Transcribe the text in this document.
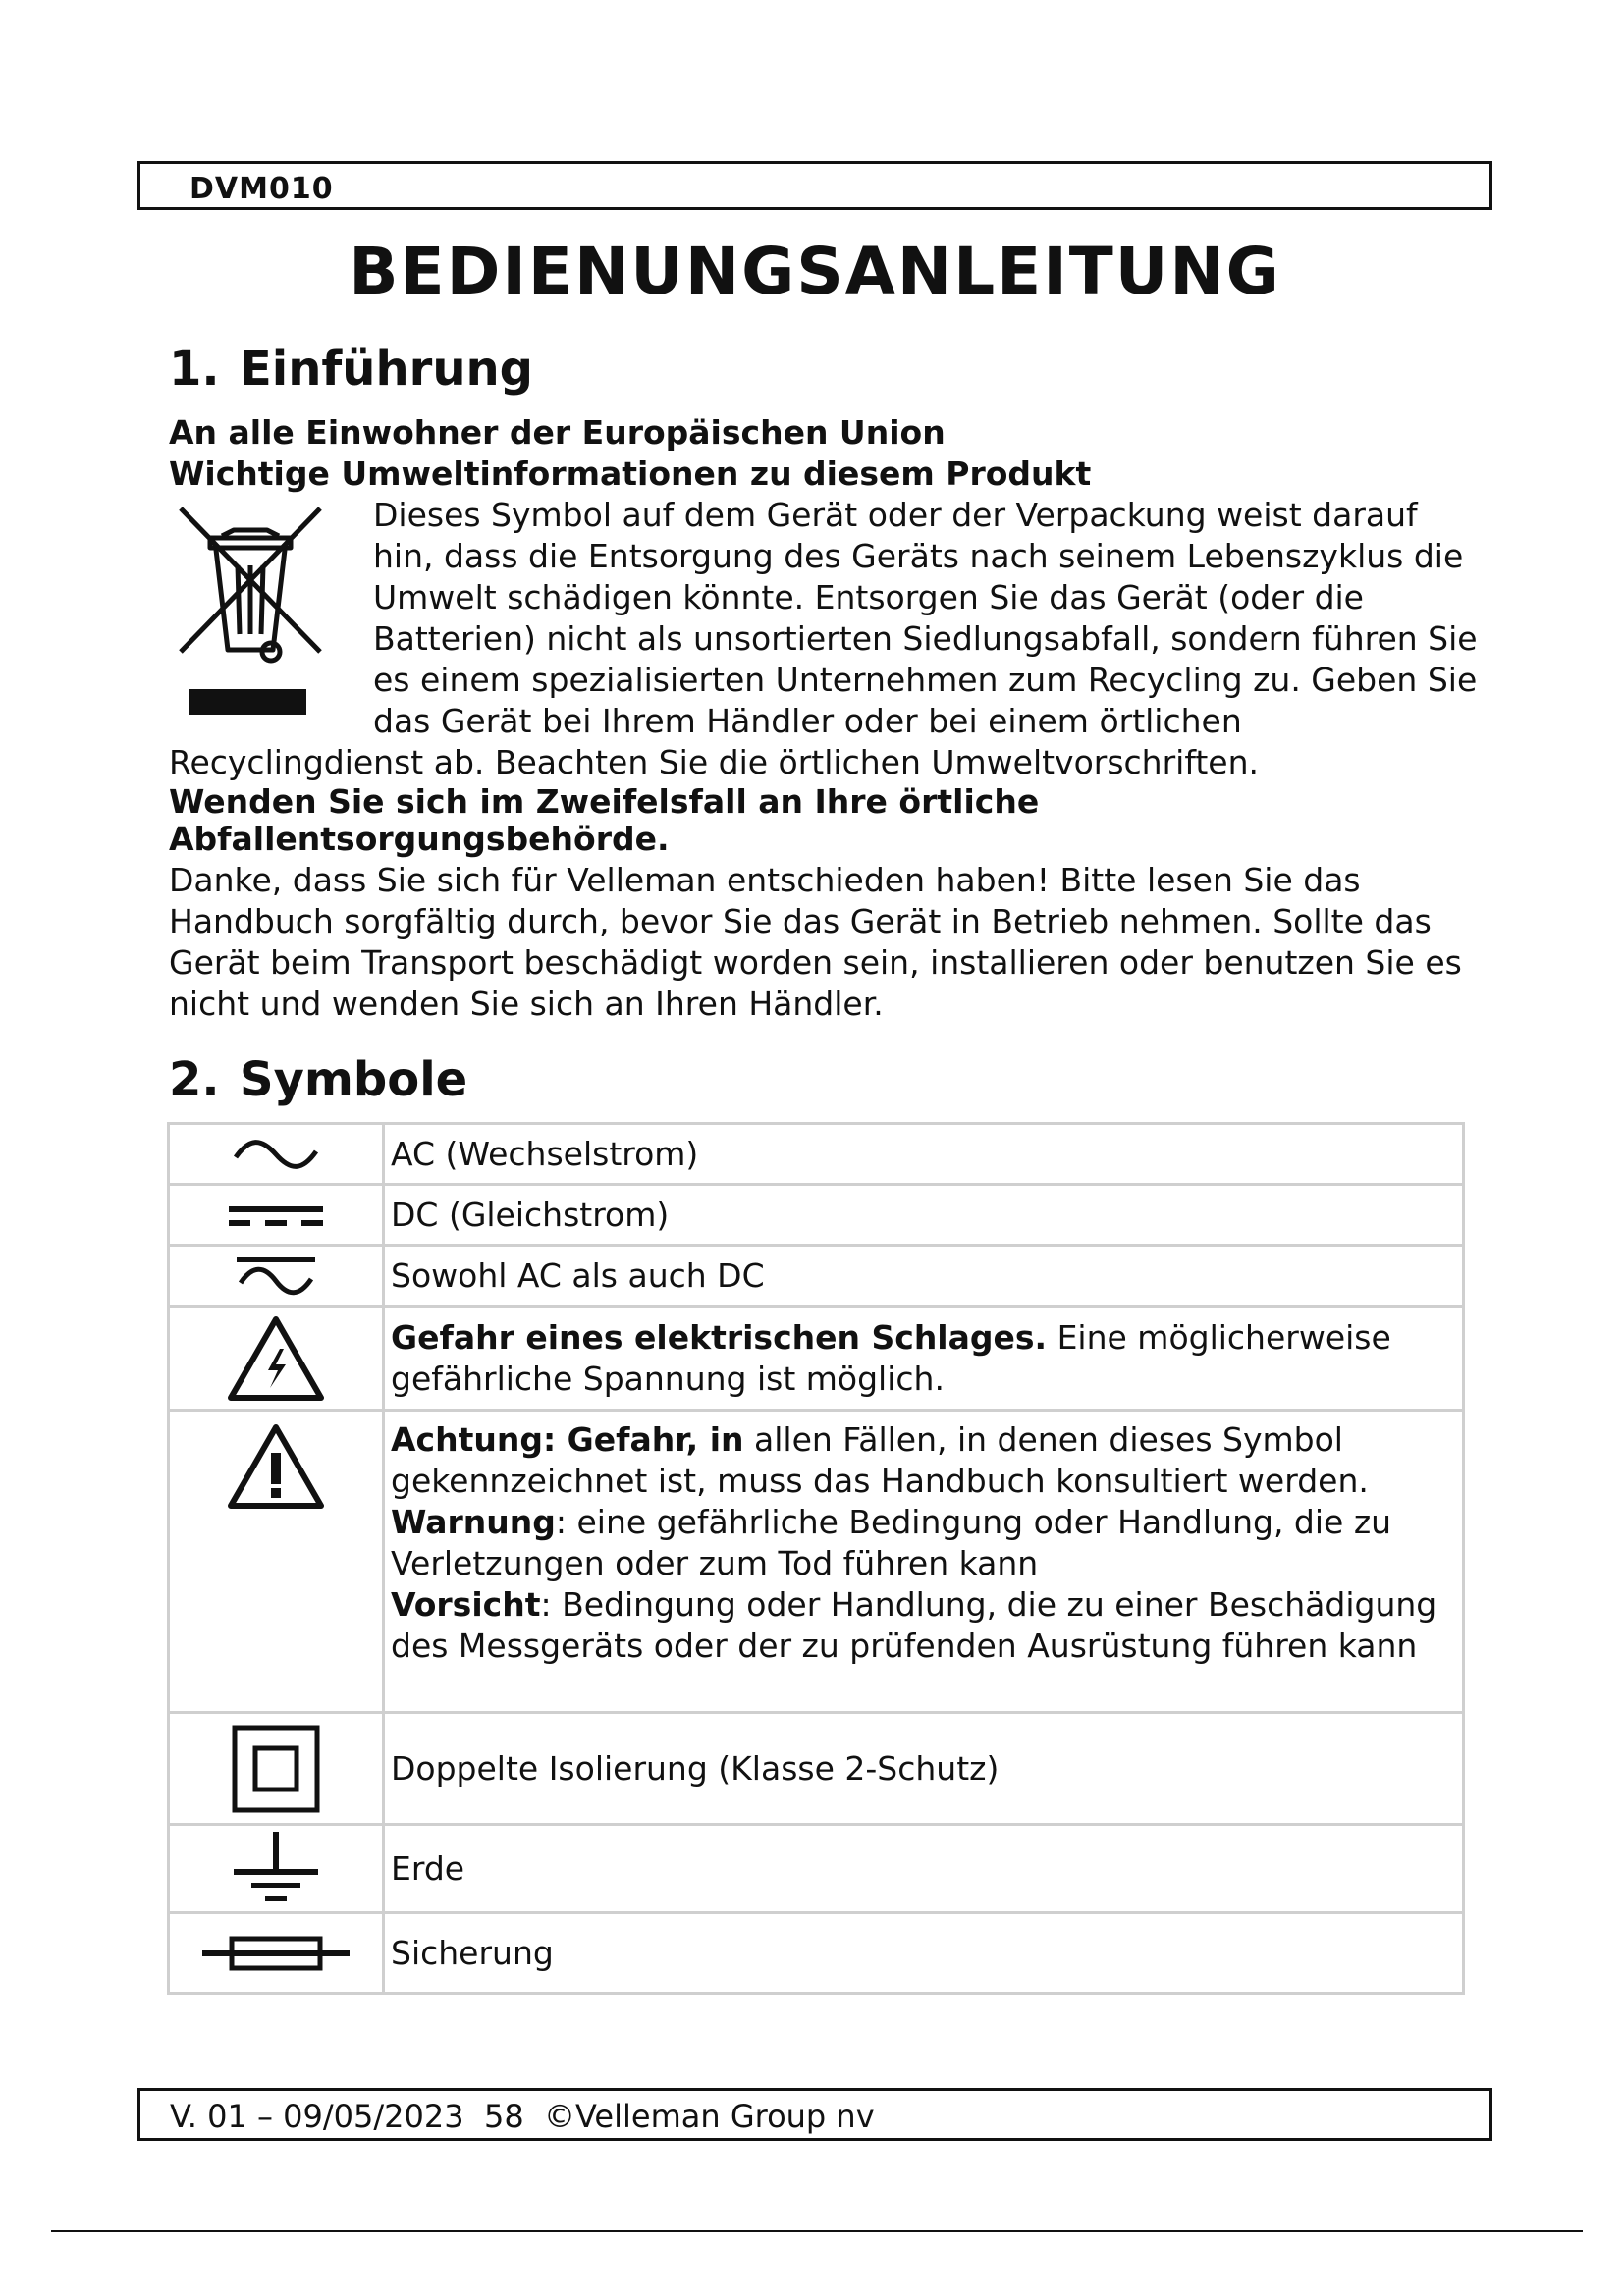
DVM010
BEDIENUNGSANLEITUNG
1. Einführung
An alle Einwohner der Europäischen Union
Wichtige Umweltinformationen zu diesem Produkt
Dieses Symbol auf dem Gerät oder der Verpackung weist darauf hin, dass die Entsorgung des Geräts nach seinem Lebenszyklus die Umwelt schädigen könnte. Entsorgen Sie das Gerät (oder die Batterien) nicht als unsortierten Siedlungsabfall, sondern führen Sie es einem spezialisierten Unternehmen zum Recycling zu. Geben Sie das Gerät bei Ihrem Händler oder bei einem örtlichen
Recyclingdienst ab. Beachten Sie die örtlichen Umweltvorschriften.
Wenden Sie sich im Zweifelsfall an Ihre örtliche Abfallentsorgungsbehörde.
Danke, dass Sie sich für Velleman entschieden haben! Bitte lesen Sie das Handbuch sorgfältig durch, bevor Sie das Gerät in Betrieb nehmen. Sollte das Gerät beim Transport beschädigt worden sein, installieren oder benutzen Sie es nicht und wenden Sie sich an Ihren Händler.
2. Symbole
	AC (Wechselstrom)

	DC (Gleichstrom)

	Sowohl AC als auch DC

	Gefahr eines elektrischen Schlages. Eine möglicherweise gefährliche Spannung ist möglich.

	Achtung: Gefahr, in allen Fällen, in denen dieses Symbol gekennzeichnet ist, muss das Handbuch konsultiert werden.
Warnung: eine gefährliche Bedingung oder Handlung, die zu Verletzungen oder zum Tod führen kann
Vorsicht: Bedingung oder Handlung, die zu einer Beschädigung des Messgeräts oder der zu prüfenden Ausrüstung führen kann

	Doppelte Isolierung (Klasse 2-Schutz)

	Erde

	Sicherung
V. 01 – 09/05/2023  58  ©Velleman Group nv
